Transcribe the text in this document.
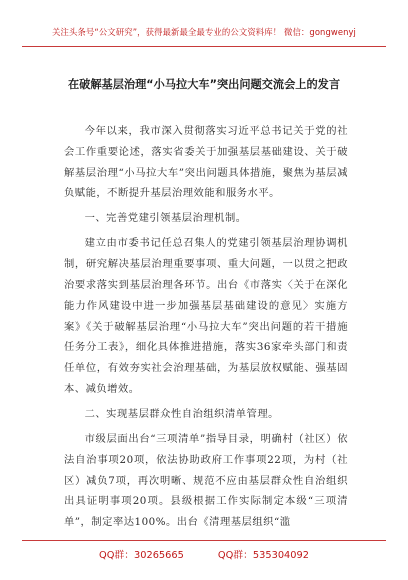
关注头条号“公文研究”，获得最新最全最专业的公文资料库！ 微信：gongwenyj
在破解基层治理“小马拉大车”突出问题交流会上的发言
今年以来，我市深入贯彻落实习近平总书记关于党的社会工作重要论述，落实省委关于加强基层基础建设、关于破解基层治理“小马拉大车”突出问题具体措施，聚焦为基层减负赋能，不断提升基层治理效能和服务水平。
一、完善党建引领基层治理机制。
建立由市委书记任总召集人的党建引领基层治理协调机制，研究解决基层治理重要事项、重大问题，一以贯之把政治要求落实到基层治理各环节。出台《市落实〈关于在深化能力作风建设中进一步加强基层基础建设的意见〉实施方案》《关于破解基层治理“小马拉大车”突出问题的若干措施任务分工表》，细化具体推进措施，落实36家牵头部门和责任单位，有效夯实社会治理基础，为基层放权赋能、强基固本、减负增效。
二、实现基层群众性自治组织清单管理。
市级层面出台“三项清单”指导目录，明确村（社区）依法自治事项20项，依法协助政府工作事项22项，为村（社区）减负7项，再次明晰、规范不应由基层群众性自治组织出具证明事项20项。县级根据工作实际制定本级“三项清单”，制定率达100%。出台《清理基层组织“滥
QQ群：30265665	QQ群：535304092
